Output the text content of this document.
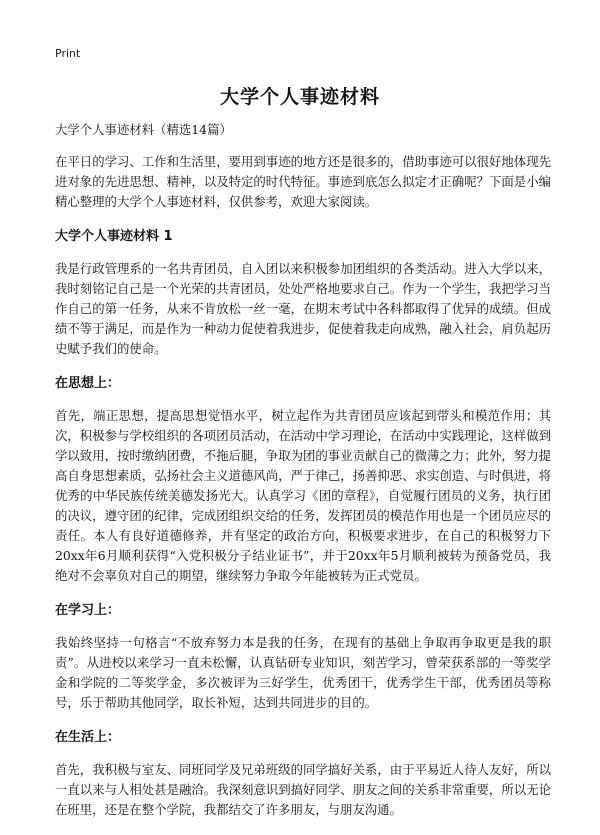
Print
大学个人事迹材料

大学个人事迹材料（精选14篇）

在平日的学习、工作和生活里，要用到事迹的地方还是很多的，借助事迹可以很好地体现先进对象的先进思想、精神，以及特定的时代特征。事迹到底怎么拟定才正确呢？下面是小编精心整理的大学个人事迹材料，仅供参考，欢迎大家阅读。

大学个人事迹材料 1

我是行政管理系的一名共青团员，自入团以来积极参加团组织的各类活动。进入大学以来，我时刻铭记自己是一个光荣的共青团员，处处严格地要求自己。作为一个学生，我把学习当作自己的第一任务，从来不肯放松一丝一毫，在期末考试中各科都取得了优异的成绩。但成绩不等于满足，而是作为一种动力促使着我进步，促使着我走向成熟，融入社会，肩负起历史赋予我们的使命。

在思想上：

首先，端正思想，提高思想觉悟水平，树立起作为共青团员应该起到带头和模范作用；其次，积极参与学校组织的各项团员活动，在活动中学习理论，在活动中实践理论，这样做到学以致用，按时缴纳团费，不拖后腿，争取为团的事业贡献自己的微薄之力；此外，努力提高自身思想素质，弘扬社会主义道德风尚，严于律己，扬善抑恶、求实创造、与时俱进，将优秀的中华民族传统美德发扬光大。认真学习《团的章程》，自觉履行团员的义务，执行团的决议，遵守团的纪律，完成团组织交给的任务，发挥团员的模范作用也是一个团员应尽的责任。本人有良好道德修养，并有坚定的政治方向，积极要求进步，在自己的积极努力下20xx年6月顺利获得“入党积极分子结业证书”，并于20xx年5月顺利被转为预备党员，我绝对不会辜负对自己的期望，继续努力争取今年能被转为正式党员。

在学习上：

我始终坚持一句格言“不放弃努力本是我的任务，在现有的基础上争取再争取更是我的职责”。从进校以来学习一直未松懈，认真钻研专业知识，刻苦学习，曾荣获系部的一等奖学金和学院的二等奖学金，多次被评为三好学生，优秀团干，优秀学生干部，优秀团员等称号，乐于帮助其他同学，取长补短，达到共同进步的目的。

在生活上：

首先，我积极与室友、同班同学及兄弟班级的同学搞好关系，由于平易近人待人友好，所以一直以来与人相处甚是融洽。我深刻意识到搞好同学、朋友之间的关系非常重要，所以无论在班里，还是在整个学院，我都结交了许多朋友，与朋友沟通。
